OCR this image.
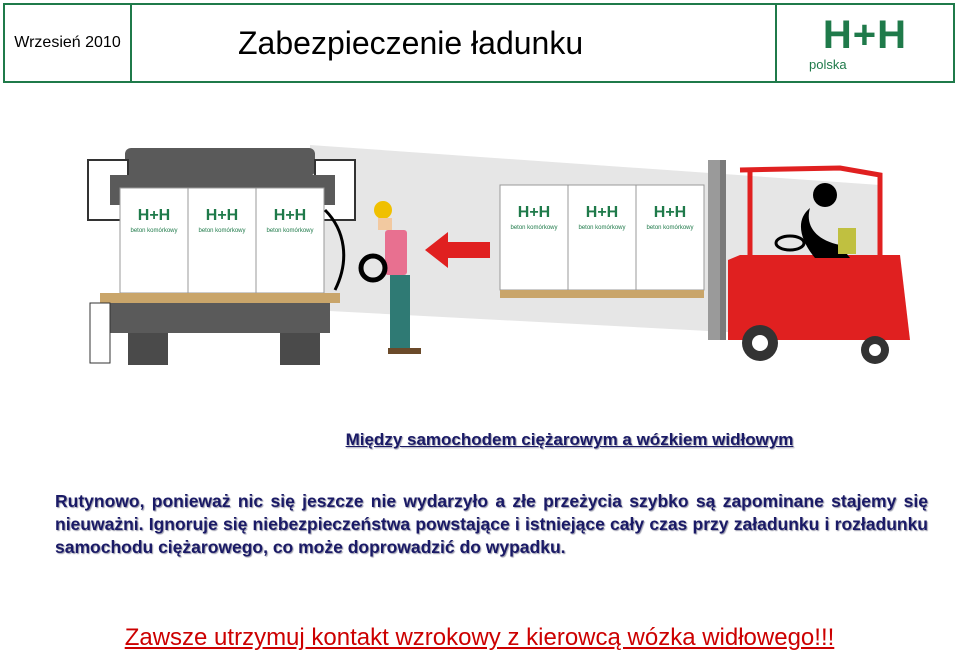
Wrzesień 2010	Zabezpieczenie ładunku	H+H
polska
H+H H+H H+H
beton komórkowy	beton komórkowy	beton komórkowy
H+H H+H H+H
beton komórkowy	beton komórkowy	beton komórkowy
Między samochodem ciężarowym a wózkiem widłowym
Rutynowo, ponieważ nic się jeszcze nie wydarzyło a złe przeżycia szybko są zapominane stajemy się nieuważni. Ignoruje się niebezpieczeństwa powstające i istniejące cały czas przy załadunku i rozładunku samochodu ciężarowego, co może doprowadzić do wypadku.
Zawsze utrzymuj kontakt wzrokowy z kierowcą wózka widłowego!!!
